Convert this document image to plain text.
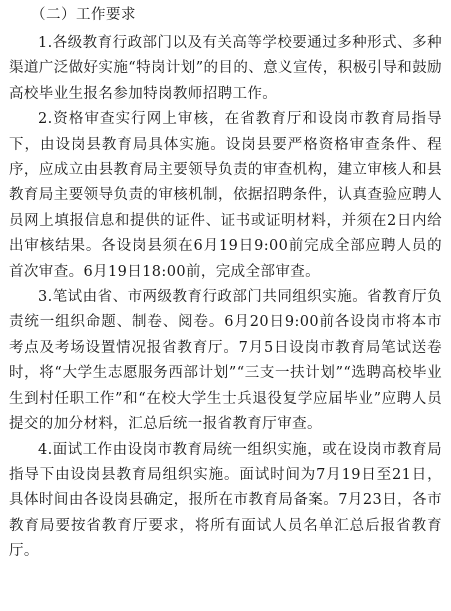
（二）工作要求

1.各级教育行政部门以及有关高等学校要通过多种形式、多种渠道广泛做好实施“特岗计划”的目的、意义宣传，积极引导和鼓励高校毕业生报名参加特岗教师招聘工作。

2.资格审查实行网上审核，在省教育厅和设岗市教育局指导下，由设岗县教育局具体实施。设岗县要严格资格审查条件、程序，应成立由县教育局主要领导负责的审查机构，建立审核人和县教育局主要领导负责的审核机制，依据招聘条件，认真查验应聘人员网上填报信息和提供的证件、证书或证明材料，并须在2日内给出审核结果。各设岗县须在6月19日9:00前完成全部应聘人员的首次审查。6月19日18:00前，完成全部审查。

3.笔试由省、市两级教育行政部门共同组织实施。省教育厅负责统一组织命题、制卷、阅卷。6月20日9:00前各设岗市将本市考点及考场设置情况报省教育厅。7月5日设岗市教育局笔试送卷时，将“大学生志愿服务西部计划”“三支一扶计划”“选聘高校毕业生到村任职工作”和“在校大学生士兵退役复学应届毕业”应聘人员提交的加分材料，汇总后统一报省教育厅审查。

4.面试工作由设岗市教育局统一组织实施，或在设岗市教育局指导下由设岗县教育局组织实施。面试时间为7月19日至21日，具体时间由各设岗县确定，报所在市教育局备案。7月23日，各市教育局要按省教育厅要求，将所有面试人员名单汇总后报省教育厅。
